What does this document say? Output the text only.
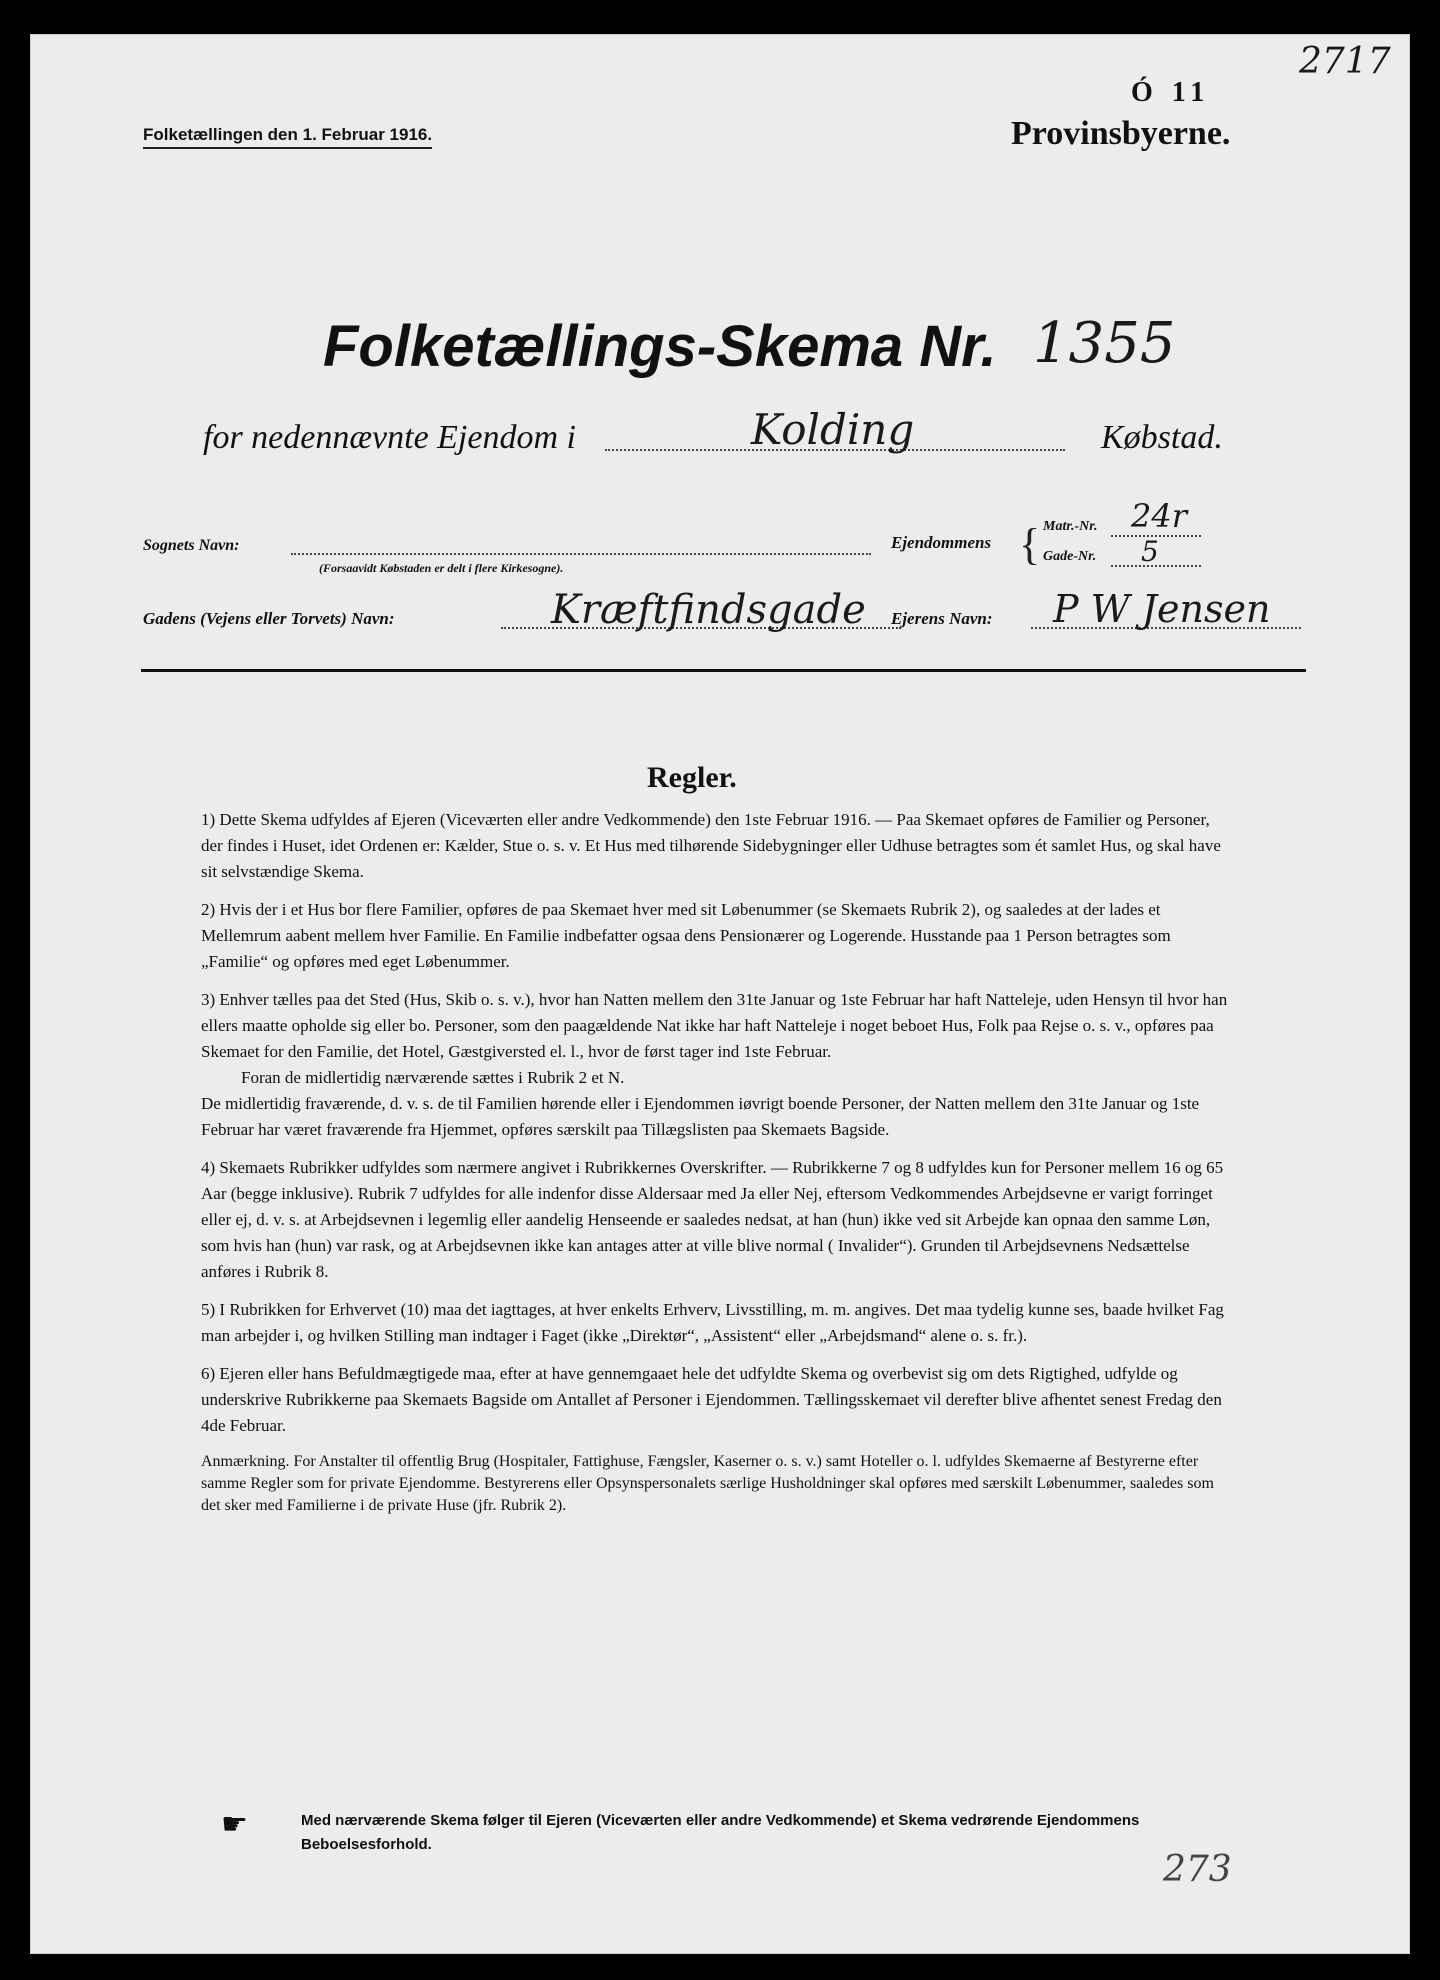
2717
Ó 11
Folketællingen den 1. Februar 1916.	Provinsbyerne.
Folketællings-Skema Nr. 1355
for nedennævnte Ejendom i	Kolding	Købstad.
Sognets Navn:
(Forsaavidt Købstaden er delt i flere Kirkesogne).
Ejendommens { Matr.-Nr. 24r
Gade-Nr. 5
Gadens (Vejens eller Torvets) Navn:	Kræftfindsgade Ejerens Navn: P W Jensen
Regler.

1) Dette Skema udfyldes af Ejeren (Viceværten eller andre Vedkommende) den 1ste Februar 1916. — Paa Skemaet opføres de Familier og Personer, der findes i Huset, idet Ordenen er: Kælder, Stue o. s. v. Et Hus med tilhørende Sidebygninger eller Udhuse betragtes som ét samlet Hus, og skal have sit selvstændige Skema.

2) Hvis der i et Hus bor flere Familier, opføres de paa Skemaet hver med sit Løbenummer (se Skemaets Rubrik 2), og saaledes at der lades et Mellemrum aabent mellem hver Familie. En Familie indbefatter ogsaa dens Pensionærer og Logerende. Husstande paa 1 Person betragtes som „Familie“ og opføres med eget Løbenummer.

3) Enhver tælles paa det Sted (Hus, Skib o. s. v.), hvor han Natten mellem den 31te Januar og 1ste Februar har haft Natteleje, uden Hensyn til hvor han ellers maatte opholde sig eller bo. Personer, som den paagældende Nat ikke har haft Natteleje i noget beboet Hus, Folk paa Rejse o. s. v., opføres paa Skemaet for den Familie, det Hotel, Gæstgiversted el. l., hvor de først tager ind 1ste Februar.

Foran de midlertidig nærværende sættes i Rubrik 2 et N.

De midlertidig fraværende, d. v. s. de til Familien hørende eller i Ejendommen iøvrigt boende Personer, der Natten mellem den 31te Januar og 1ste Februar har været fraværende fra Hjemmet, opføres særskilt paa Tillægslisten paa Skemaets Bagside.

4) Skemaets Rubrikker udfyldes som nærmere angivet i Rubrikkernes Overskrifter. — Rubrikkerne 7 og 8 udfyldes kun for Personer mellem 16 og 65 Aar (begge inklusive). Rubrik 7 udfyldes for alle indenfor disse Aldersaar med Ja eller Nej, eftersom Vedkommendes Arbejdsevne er varigt forringet eller ej, d. v. s. at Arbejdsevnen i legemlig eller aandelig Henseende er saaledes nedsat, at han (hun) ikke ved sit Arbejde kan opnaa den samme Løn, som hvis han (hun) var rask, og at Arbejdsevnen ikke kan antages atter at ville blive normal ( Invalider“). Grunden til Arbejdsevnens Nedsættelse anføres i Rubrik 8.

5) I Rubrikken for Erhvervet (10) maa det iagttages, at hver enkelts Erhverv, Livsstilling, m. m. angives. Det maa tydelig kunne ses, baade hvilket Fag man arbejder i, og hvilken Stilling man indtager i Faget (ikke „Direktør“, „Assistent“ eller „Arbejdsmand“ alene o. s. fr.).

6) Ejeren eller hans Befuldmægtigede maa, efter at have gennemgaaet hele det udfyldte Skema og overbevist sig om dets Rigtighed, udfylde og underskrive Rubrikkerne paa Skemaets Bagside om Antallet af Personer i Ejendommen. Tællingsskemaet vil derefter blive afhentet senest Fredag den 4de Februar.

Anmærkning. For Anstalter til offentlig Brug (Hospitaler, Fattighuse, Fængsler, Kaserner o. s. v.) samt Hoteller o. l. udfyldes Skemaerne af Bestyrerne efter samme Regler som for private Ejendomme. Bestyrerens eller Opsynspersonalets særlige Husholdninger skal opføres med særskilt Løbenummer, saaledes som det sker med Familierne i de private Huse (jfr. Rubrik 2).

☛	Med nærværende Skema følger til Ejeren (Viceværten eller andre Vedkommende) et Skema vedrørende Ejendommens Beboelsesforhold.
273
